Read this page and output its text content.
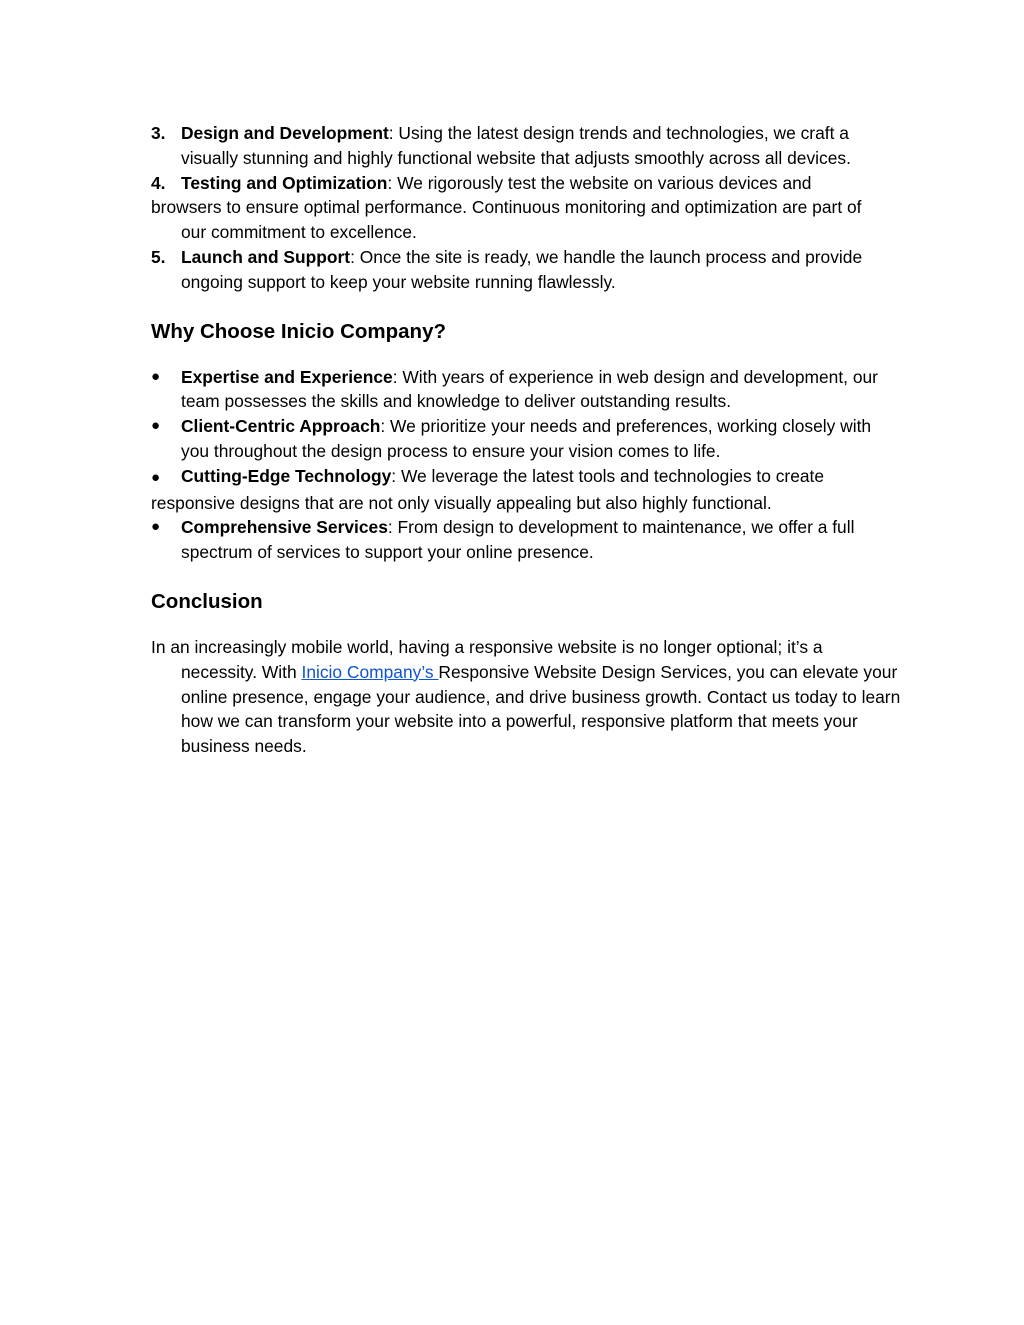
3. Design and Development: Using the latest design trends and technologies, we craft a visually stunning and highly functional website that adjusts smoothly across all devices.
4. Testing and Optimization: We rigorously test the website on various devices and
browsers to ensure optimal performance. Continuous monitoring and optimization are part of
our commitment to excellence.
5. Launch and Support: Once the site is ready, we handle the launch process and provide ongoing support to keep your website running flawlessly.
Why Choose Inicio Company?
● Expertise and Experience: With years of experience in web design and development, our team possesses the skills and knowledge to deliver outstanding results.
● Client-Centric Approach: We prioritize your needs and preferences, working closely with you throughout the design process to ensure your vision comes to life.
● Cutting-Edge Technology: We leverage the latest tools and technologies to create
responsive designs that are not only visually appealing but also highly functional.
● Comprehensive Services: From design to development to maintenance, we offer a full spectrum of services to support your online presence.
Conclusion

In an increasingly mobile world, having a responsive website is no longer optional; it’s a necessity. With Inicio Company’s Responsive Website Design Services, you can elevate your online presence, engage your audience, and drive business growth. Contact us today to learn how we can transform your website into a powerful, responsive platform that meets your business needs.
